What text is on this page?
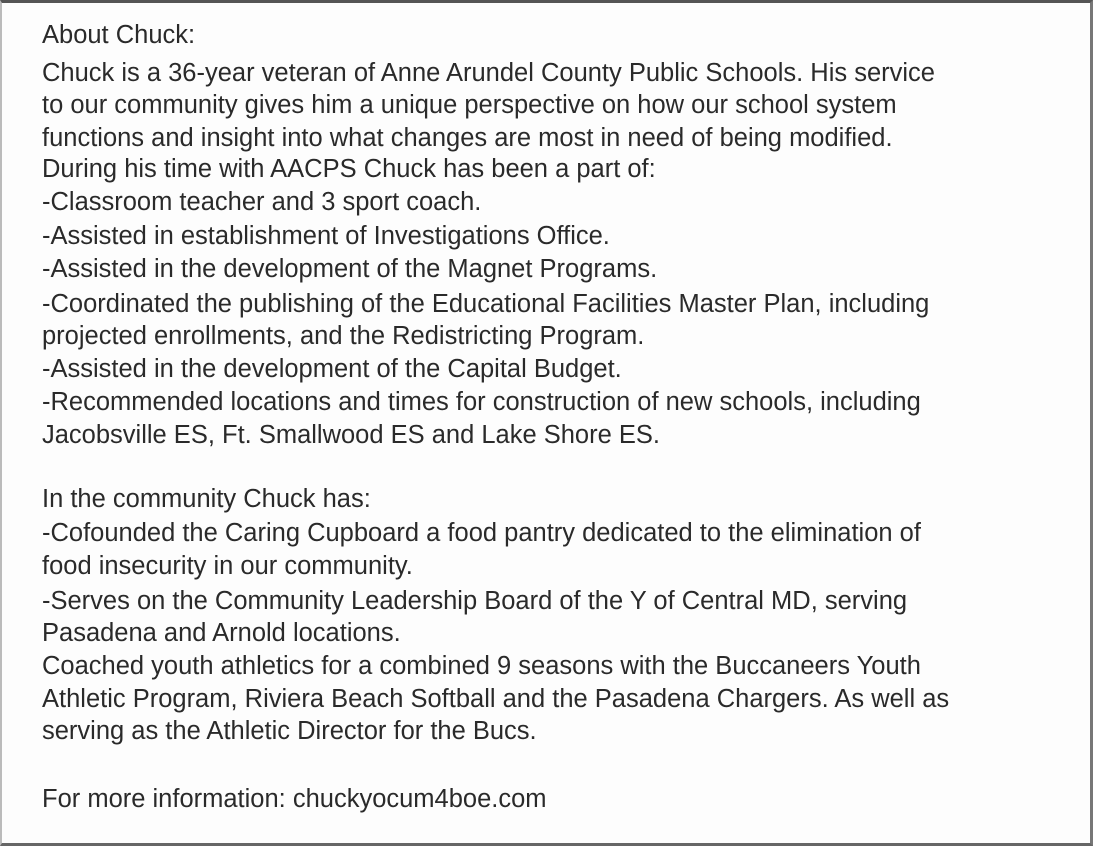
About Chuck:
Chuck is a 36-year veteran of Anne Arundel County Public Schools. His service
to our community gives him a unique perspective on how our school system
functions and insight into what changes are most in need of being modified.
During his time with AACPS Chuck has been a part of:
-Classroom teacher and 3 sport coach.
-Assisted in establishment of Investigations Office.
-Assisted in the development of the Magnet Programs.
-Coordinated the publishing of the Educational Facilities Master Plan, including
projected enrollments, and the Redistricting Program.
-Assisted in the development of the Capital Budget.
-Recommended locations and times for construction of new schools, including
Jacobsville ES, Ft. Smallwood ES and Lake Shore ES.
In the community Chuck has:
-Cofounded the Caring Cupboard a food pantry dedicated to the elimination of
food insecurity in our community.
-Serves on the Community Leadership Board of the Y of Central MD, serving
Pasadena and Arnold locations.
Coached youth athletics for a combined 9 seasons with the Buccaneers Youth
Athletic Program, Riviera Beach Softball and the Pasadena Chargers. As well as
serving as the Athletic Director for the Bucs.
For more information: chuckyocum4boe.com
